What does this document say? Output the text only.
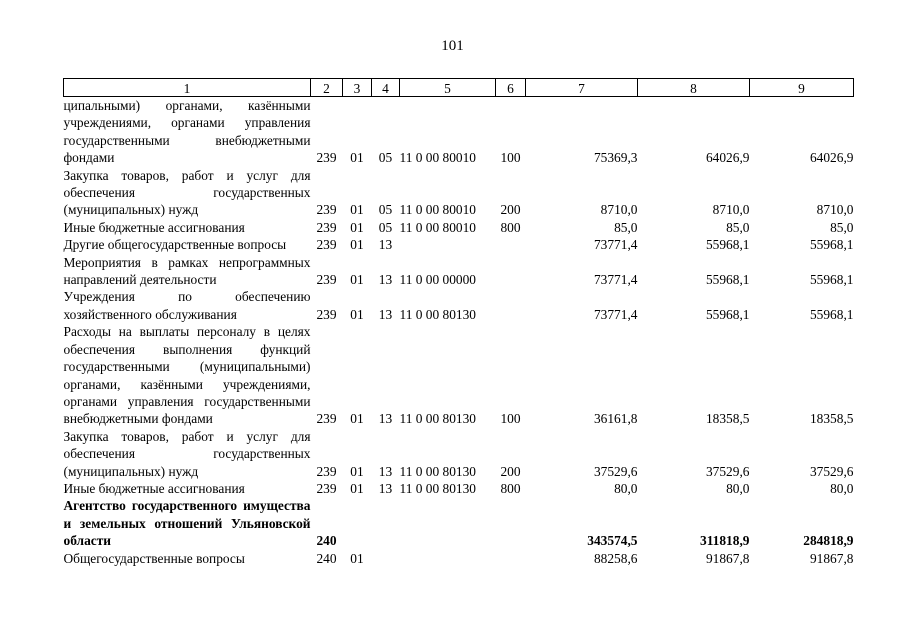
101
1	2	3	4	5	6	7	8	9
ципальными) органами, казёнными учреждениями, органами управления государственными внебюджетными фондами	239	01	05	11 0 00 80010	100	75369,3	64026,9	64026,9
Закупка товаров, работ и услуг для обеспечения государственных (муниципальных) нужд	239	01	05	11 0 00 80010	200	8710,0	8710,0	8710,0
Иные бюджетные ассигнования	239	01	05	11 0 00 80010	800	85,0	85,0	85,0
Другие общегосударственные вопросы	239	01	13			73771,4	55968,1	55968,1
Мероприятия в рамках непрограммных направлений деятельности	239	01	13	11 0 00 00000		73771,4	55968,1	55968,1
Учреждения по обеспечению хозяйственного обслуживания	239	01	13	11 0 00 80130		73771,4	55968,1	55968,1
Расходы на выплаты персоналу в целях обеспечения выполнения функций государственными (муниципальными) органами, казёнными учреждениями, органами управления государственными внебюджетными фондами	239	01	13	11 0 00 80130	100	36161,8	18358,5	18358,5
Закупка товаров, работ и услуг для обеспечения государственных (муниципальных) нужд	239	01	13	11 0 00 80130	200	37529,6	37529,6	37529,6
Иные бюджетные ассигнования	239	01	13	11 0 00 80130	800	80,0	80,0	80,0
Агентство государственного имущества и земельных отношений Ульяновской области	240					343574,5	311818,9	284818,9
Общегосударственные вопросы	240	01				88258,6	91867,8	91867,8
